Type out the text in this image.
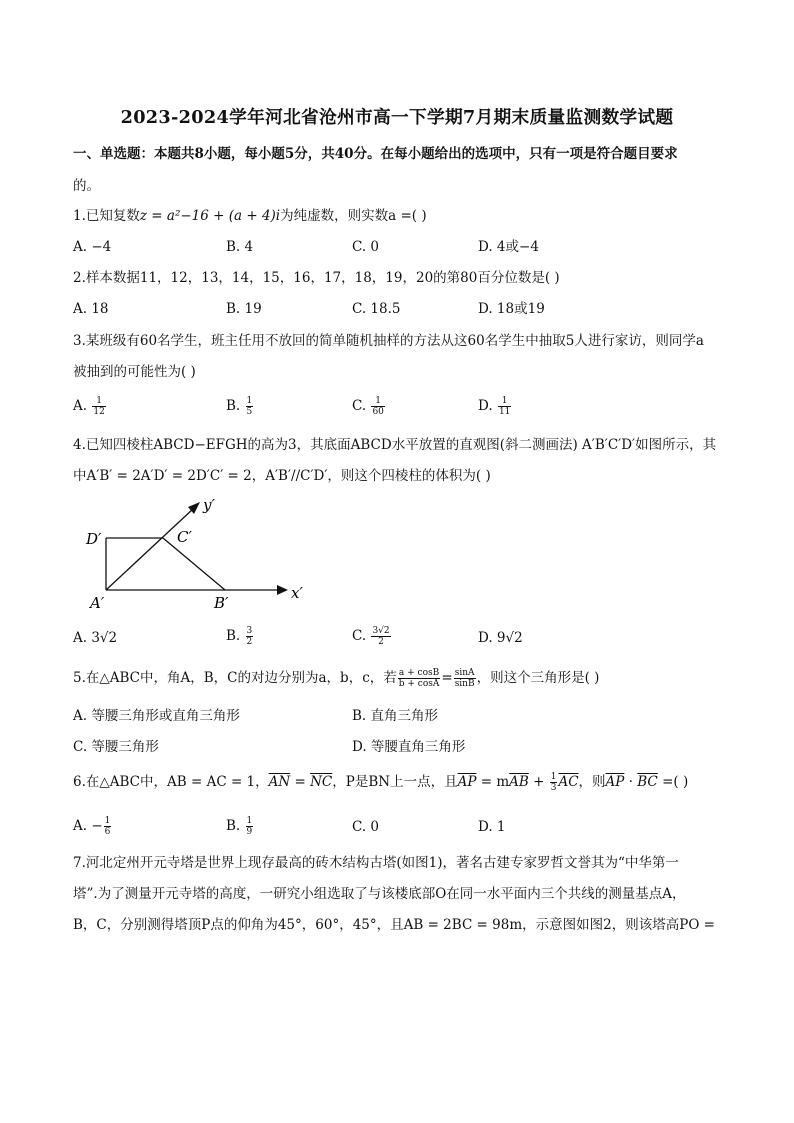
2023-2024学年河北省沧州市高一下学期7月期末质量监测数学试题
一、单选题：本题共8小题，每小题5分，共40分。在每小题给出的选项中，只有一项是符合题目要求
的。
1.已知复数z = a²−16 + (a + 4)i为纯虚数，则实数a =( )
A. −4	B. 4	C. 0	D. 4或−4
2.样本数据11，12，13，14，15，16，17，18，19，20的第80百分位数是( )
A. 18	B. 19	C. 18.5	D. 18或19
3.某班级有60名学生，班主任用不放回的简单随机抽样的方法从这60名学生中抽取5人进行家访，则同学a
被抽到的可能性为( )
A. $\frac{1}{12}$	B. $\frac{1}{5}$	C. $\frac{1}{60}$	D. $\frac{1}{11}$
4.已知四棱柱ABCD−EFGH的高为3，其底面ABCD水平放置的直观图(斜二测画法) A′B′C′D′如图所示，其
中A′B′ = 2A′D′ = 2D′C′ = 2，A′B′//C′D′，则这个四棱柱的体积为( )
D′	C′
A′	B′
x′
y′
A. 3√2	B. $\frac{3}{2}$	C. $\frac{3√2}{2}$	D. 9√2
5.在△ABC中，角A，B，C的对边分别为a，b，c，若 $\frac{a + \cos B}{b + \cos A} = \frac{\sin A}{\sin B}$ ，则这个三角形是( )
A. 等腰三角形或直角三角形	B. 直角三角形
C. 等腰三角形	D. 等腰直角三角形
6.在△ABC中，AB = AC = 1，$\overline{AN} = \overline{NC}$，P是BN上一点，且$\overline{AP} = m\overline{AB} + \frac{1}{3} \overline{AC}$，则$\overline{AP} \cdot \overline{BC}$ =( )
A. − $\frac{1}{6}$	B. $\frac{1}{9}$	C. 0	D. 1
7.河北定州开元寺塔是世界上现存最高的砖木结构古塔(如图1)，著名古建专家罗哲文誉其为“中华第一
塔”.为了测量开元寺塔的高度，一研究小组选取了与该楼底部O在同一水平面内三个共线的测量基点A，
B，C，分别测得塔顶P点的仰角为45°，60°，45°，且AB = 2BC = 98m，示意图如图2，则该塔高PO =
